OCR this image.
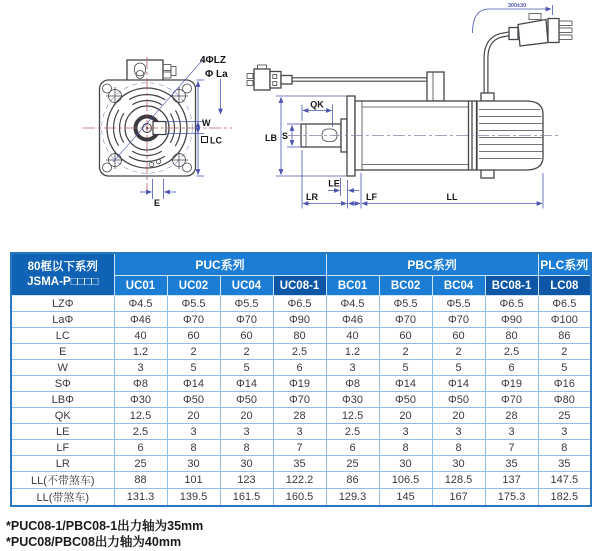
4ΦLZ
Φ La
W
LC
E
300±30
QK
S
LB
LE
LR	LF	LL
80框以下系列
JSMA-P□□□□	PUC系列				PBC系列				PLC系列
	UC01	UC02	UC04	UC08-1	BC01	BC02	BC04	BC08-1	LC08
LZΦ	Φ4.5	Φ5.5	Φ5.5	Φ6.5	Φ4.5	Φ5.5	Φ5.5	Φ6.5	Φ6.5
LaΦ	Φ46	Φ70	Φ70	Φ90	Φ46	Φ70	Φ70	Φ90	Φ100
LC	40	60	60	80	40	60	60	80	86
E	1.2	2	2	2.5	1.2	2	2	2.5	2
W	3	5	5	6	3	5	5	6	5
SΦ	Φ8	Φ14	Φ14	Φ19	Φ8	Φ14	Φ14	Φ19	Φ16
LBΦ	Φ30	Φ50	Φ50	Φ70	Φ30	Φ50	Φ50	Φ70	Φ80
QK	12.5	20	20	28	12.5	20	20	28	25
LE	2.5	3	3	3	2.5	3	3	3	3
LF	6	8	8	7	6	8	8	7	8
LR	25	30	30	35	25	30	30	35	35
LL(不带煞车)	88	101	123	122.2	86	106.5	128.5	137	147.5
LL(带煞车)	131.3	139.5	161.5	160.5	129.3	145	167	175.3	182.5
*PUC08-1/PBC08-1出力轴为35mm
*PUC08/PBC08出力轴为40mm
